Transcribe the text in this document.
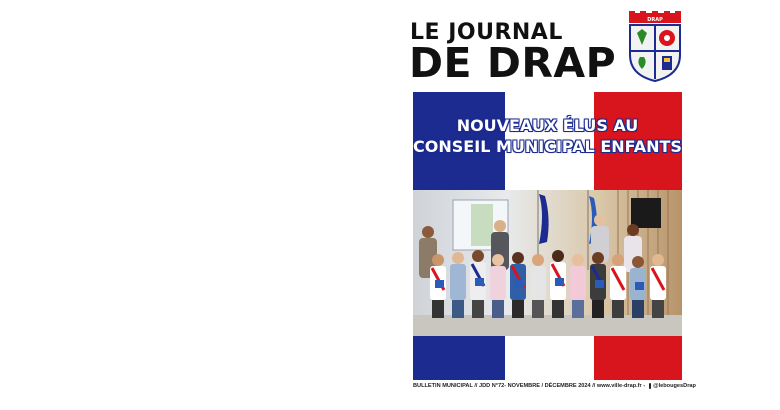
LE JOURNAL
DE DRAP
DRAP
NOUVEAUX ÉLUS AU
CONSEIL MUNICIPAL ENFANTS
BULLETIN MUNICIPAL // JDD N°72- NOVEMBRE / DÉCEMBRE 2024 // www.ville-drap.fr - @lebougesDrap
